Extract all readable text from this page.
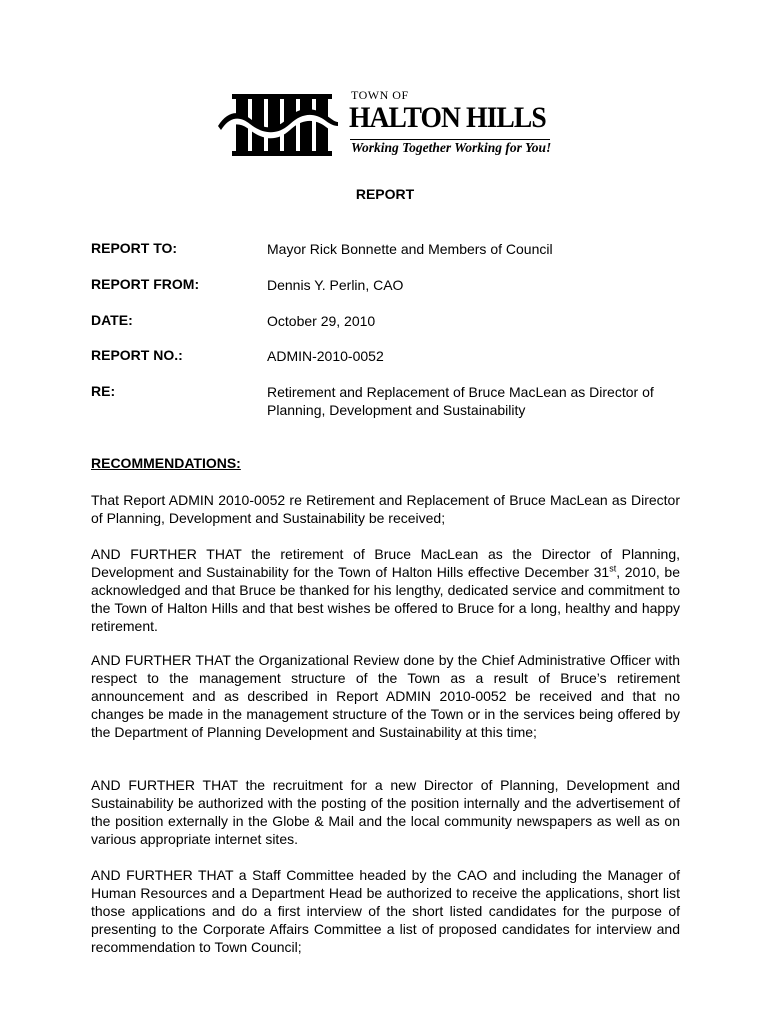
TOWN OF
HALTON HILLS
Working Together Working for You!
REPORT
REPORT TO:	Mayor Rick Bonnette and Members of Council
REPORT FROM:	Dennis Y. Perlin, CAO
DATE:	October 29, 2010
REPORT NO.:	ADMIN-2010-0052
RE:	Retirement and Replacement of Bruce MacLean as Director of Planning, Development and Sustainability
RECOMMENDATIONS:
That Report ADMIN 2010-0052 re Retirement and Replacement of Bruce MacLean as Director of Planning, Development and Sustainability be received;
AND FURTHER THAT the retirement of Bruce MacLean as the Director of Planning, Development and Sustainability for the Town of Halton Hills effective December 31st, 2010, be acknowledged and that Bruce be thanked for his lengthy, dedicated service and commitment to the Town of Halton Hills and that best wishes be offered to Bruce for a long, healthy and happy retirement.
AND FURTHER THAT the Organizational Review done by the Chief Administrative Officer with respect to the management structure of the Town as a result of Bruce’s retirement announcement and as described in Report ADMIN 2010-0052 be received and that no changes be made in the management structure of the Town or in the services being offered by the Department of Planning Development and Sustainability at this time;
AND FURTHER THAT the recruitment for a new Director of Planning, Development and Sustainability be authorized with the posting of the position internally and the advertisement of the position externally in the Globe & Mail and the local community newspapers as well as on various appropriate internet sites.
AND FURTHER THAT a Staff Committee headed by the CAO and including the Manager of Human Resources and a Department Head be authorized to receive the applications, short list those applications and do a first interview of the short listed candidates for the purpose of presenting to the Corporate Affairs Committee a list of proposed candidates for interview and recommendation to Town Council;
